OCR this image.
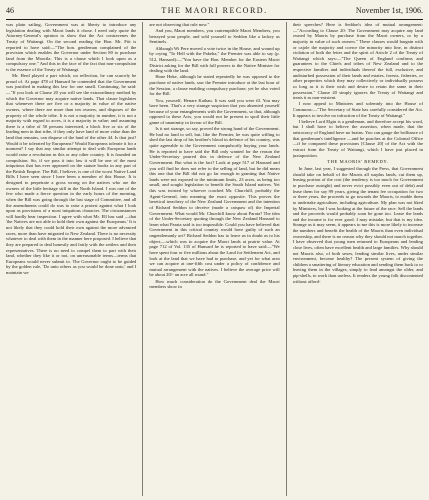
46	THE MAORI RECORD.	November 1st, 1906.

was plain sailing, Government was at liberty to introduce any legislation dealing with Maori lands it chose. I need only quote the Attorney-General's opinion to show that the Act contravenes the Treaty of Waitangi. On the second reading the Hon. Mr. Fitt is reported to have said:—"The hon. gentleman complained of the provision which enables the Governor under Section 80 to purchase land from the Moorila. This is a clause which I look upon as a compulsory one." And this in the face of the fact that non-compulsion is the essence of the Treaty of Waitangi.

Mr. Herd played a part which, on reflection, he can scarcely be proud of. At page 478 of Hansard he contended that the Government was justified in making this law for one small. Continuing, he said:—"If you look at Clause 20 you will see the extraordinary method by which the Governor may acquire native lands. That clause legislates that whenever there are five or a majority in value of the native owners, where there are more than ten owners, and disposes of the property of the whole tribe. It is not a majority in number, it is not a majority with regard to acres, it is a majority in value; and assuming there is a tribe of 50 persons interested, a block five or six of the leading men in that tribe, if they only have land of more value than the land that remains, can dispose of the land of the other 44. Is that just? Would it be tolerated by Europeans? Would Europeans tolerate it for a moment? I say that any similar attempt to deal with European lands would raise a revolution in this or any other country. It is founded on compulsion. Sir, if we pass it into law it will be one of the most iniquitous that has ever appeared on the statute books in any part of the British Empire. The Bill, I believe, is one of the worst Native Land Bills I have seen since I have been a member of this House. It is designed to perpetrate a gross wrong on the natives who are the owners of the little heritage still in the North Island. I was one of the few who made a fierce question in the early hours of the morning, when the Bill was going through the last stage of Committee, and all the amendments could do was to raise a protest against what I look upon as provisions of a most iniquitous character. The circumstances will hardly bear inspection. I agree with what Mr. Ell has said —that 'the Natives are not able to hold their own against the Europeans.' It is not likely that they could hold their own against the more advanced races, more than have migrated to New Zealand. There is no necessity whatever to deal with them in the manner here proposed. I believe that they are prepared to deal honestly and fairly with the settlers and their representatives. There is no need to compel them to part with their land, whether they like it or not, on unreasonable terms—terms that Europeans would never submit to. The Governor ought to be guided by the golden rule, 'Do unto others as you would be done unto,' and I maintain we

are not observing that rule now."

And you, Maori members, you contemptible Maori Members, you betrayed your people, and sold yourself to Seddon like a lackey as Sentinels.

Although Wi Pere moved a vote twice in the House, and wound up by crying "To Hell with the Pakeha," the Premier was able to say (p. 512, Hansard):—"You have the Hon. Member for the Eastern Maori District asking for the Bill with full powers to the Native Minister for dealing with the land.

Hone Heke, although he stated repeatedly he was opposed to the purchase of native lands, saw the Premier introduce at the last hour of the Session, a clause enabling compulsory purchase, yet he also voted for the Bill.

You, yourself, Henare Kaihau. It was said you were ill. You may have been. That's a very strange suspicion that you absented yourself because of your entanglements with the Government, so that, although opposed to these Acts, you would not be present to spoil their little game of unanimity in favour of the Bill.

Is it not strange, so say, proved the strong hand of the Government. He had no land to sell, but, like the Premier, he was quite willing to shed the last drop of his brother's blood in defence of his country, was quite agreeable to the Government compulsorily buying your lands. He is reported to have said the Bill only wanted for the reason the Under-Secretary poured this in defence of the New Zealand Government. But what is the fact? Look at page 517 of Hansard and you will find he does not refer to the selling of land, but he did mean this one that the Bill did not go far enough in granting that Native lands were not exposed to the minimum limits, 23 acres, as being too small, and sought legislation to benefit the South Island natives. Yet this was twisted by whoever coached Mr. Churchill, probably the Agent-General, into meaning the exact opposite. This proves the heretical treachery of the New Zealand Government and the intention of Richard Seddon to deceive (made a catspaw of) the Imperial Government. What would Mr. Churchill know about Parata? The idea of the Under-Secretary quoting through the New Zealand Hansard to learn what Parata said is too impossible. Could you have believed that Government in this critical country would have guilty of such an ungentlemanly act? Richard Seddon has to leave us in doubt as to his object,—which was to acquire the Maori lands at prairie value. At page 712 of Vol. 135 of Hansard he is reported to have said:—"We have spent four or five millions about the Land for Settlement Act, and look at the land that we have had to purchase, and yet for what area we can acquire at one-fifth cost under a policy of confidence and mutual arrangement with the natives. I believe the average price will be about 20/- an acre all round."

How much consideration do the Government deal the Maori members show in

their speeches? Here is Seddon's idea of mutual arrangement:—"According to Clause 20: The Government may acquire any land owned by Maoris by purchase from the Maori owners, or by a majority in value of such owners." These clauses would bargain with or cajole the majority and coerce the minority into line, in distinct violation of both the letter and the spirit of Article 2 of the Treaty of Waitangi which says:—"The Queen of England confirms and guarantees to the Chiefs and tribes of New Zealand and to the respective families and individuals thereof the full, exclusive, and undisturbed possession of their lands and estates, forests, fisheries, or other properties which they may collectively or individually possess so long as it is their wish and desire to retain the same in their possession." Clause 20 simply ignores the Treaty of Waitangi and treats it as non-existent.

I now appeal to Ministers and solemnly into the House of Commons:—"The Secretary of State has carefully considered the Act. It appears to involve no infraction of the Treaty of Waitangi."

I believe Lord Elgin is a gentleman, and therefore accept his word, but I shall have to believe the assertion, when made, that the aristocracy of England have no brains. You can gauge the brilliance of that gentleman's intelligence —and he poaches at the Colonial Office—if he compared these provisions [Clause 20] of the Act with the extract from the Treaty of Waitangi, which I have just placed in juxtaposition.

THE MAORIS' REMEDY.

In June, last year, I suggested through the Press, that Government should take on behalf of the Maoris all surplus lands, cut them up, leasing portion of the cost (the tendency is too much for Government to purchase outright) and never evict possibly even out of debt) and lease them for say 99 years, giving the tenant fee occupation for two or three years, the proceeds to go towards the Maoris, to enable them to undertake agriculture, including agriculture. My plan was not liked by Ministers, but I was looking at the future of the race. Sell the lands and the proceeds would probably soon be gone too. Lease the lands and the income is for ever good. I may mistake, but that is my idea. Strange as it may seem, it appears to me this is more likely to increase the numbers and benefit the health of the Maoris than even individual ownership, and there is no reason why they should not march together. I have observed that young men returned to Europeans and lending close lives, often have excellent health and large families. Why should not Maoris also, of both sexes, lending similar lives, under similar environment, become healthy? The present system of giving the children a smattering of literary education and sending them back to or leaving them in the villages, simply to lead amongst the older, and pip-shells, to work than useless. It renders the young folk discontented without afford-
